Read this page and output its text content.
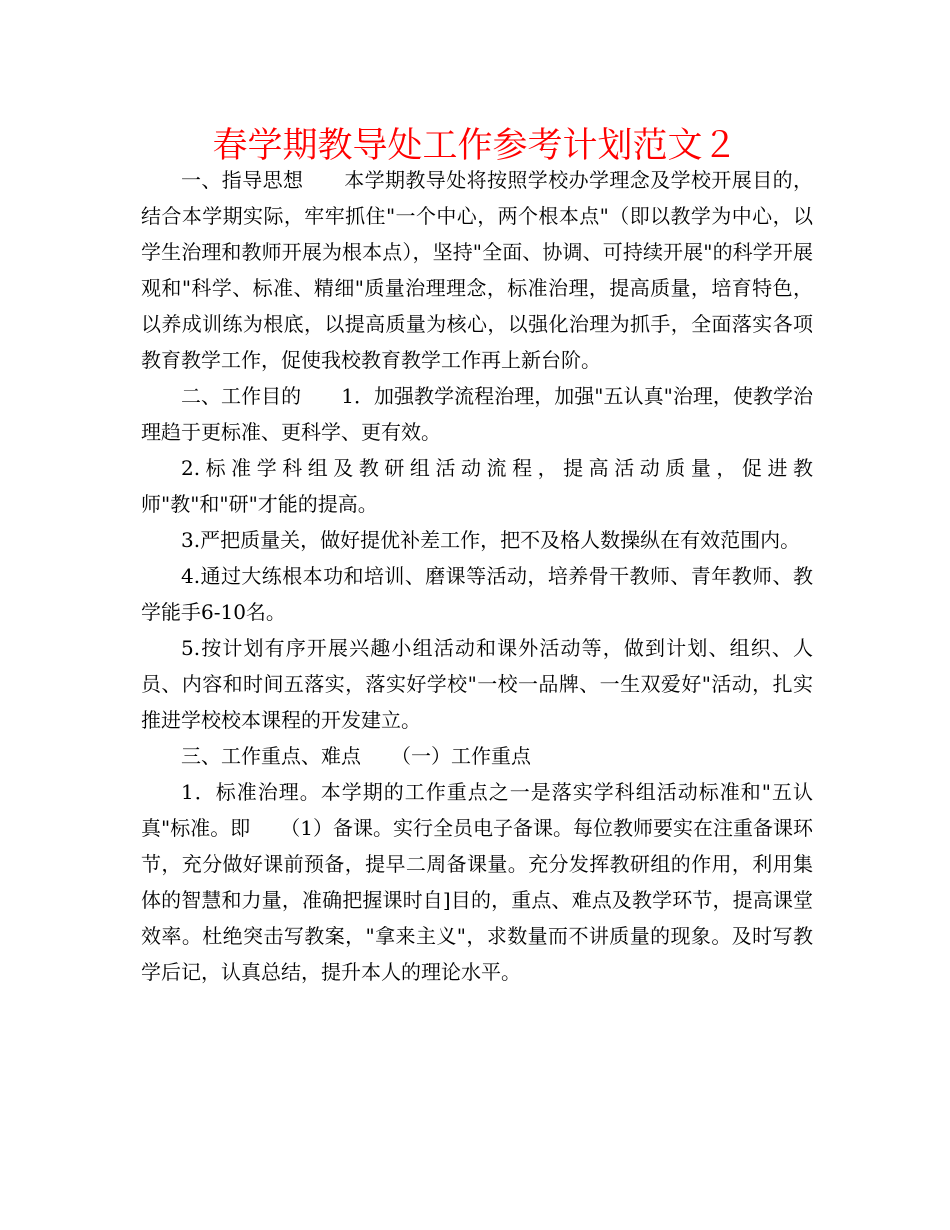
春学期教导处工作参考计划范文２

一、指导思想　　本学期教导处将按照学校办学理念及学校开展目的，结合本学期实际，牢牢抓住"一个中心，两个根本点"（即以教学为中心，以学生治理和教师开展为根本点），坚持"全面、协调、可持续开展"的科学开展观和"科学、标准、精细"质量治理理念，标准治理，提高质量，培育特色，以养成训练为根底，以提高质量为核心，以强化治理为抓手，全面落实各项教育教学工作，促使我校教育教学工作再上新台阶。

二、工作目的　　1．加强教学流程治理，加强"五认真"治理，使教学治理趋于更标准、更科学、更有效。

2.标准学科组及教研组活动流程，提高活动质量，促进教师"教"和"研"才能的提高。

3.严把质量关，做好提优补差工作，把不及格人数操纵在有效范围内。

4.通过大练根本功和培训、磨课等活动，培养骨干教师、青年教师、教学能手6-10名。

5.按计划有序开展兴趣小组活动和课外活动等，做到计划、组织、人员、内容和时间五落实，落实好学校"一校一品牌、一生双爱好"活动，扎实推进学校校本课程的开发建立。

三、工作重点、难点　　（一）工作重点

1．标准治理。本学期的工作重点之一是落实学科组活动标准和"五认真"标准。即　　（1）备课。实行全员电子备课。每位教师要实在注重备课环节，充分做好课前预备，提早二周备课量。充分发挥教研组的作用，利用集体的智慧和力量，准确把握课时自]目的，重点、难点及教学环节，提高课堂效率。杜绝突击写教案，"拿来主义"，求数量而不讲质量的现象。及时写教学后记，认真总结，提升本人的理论水平。
